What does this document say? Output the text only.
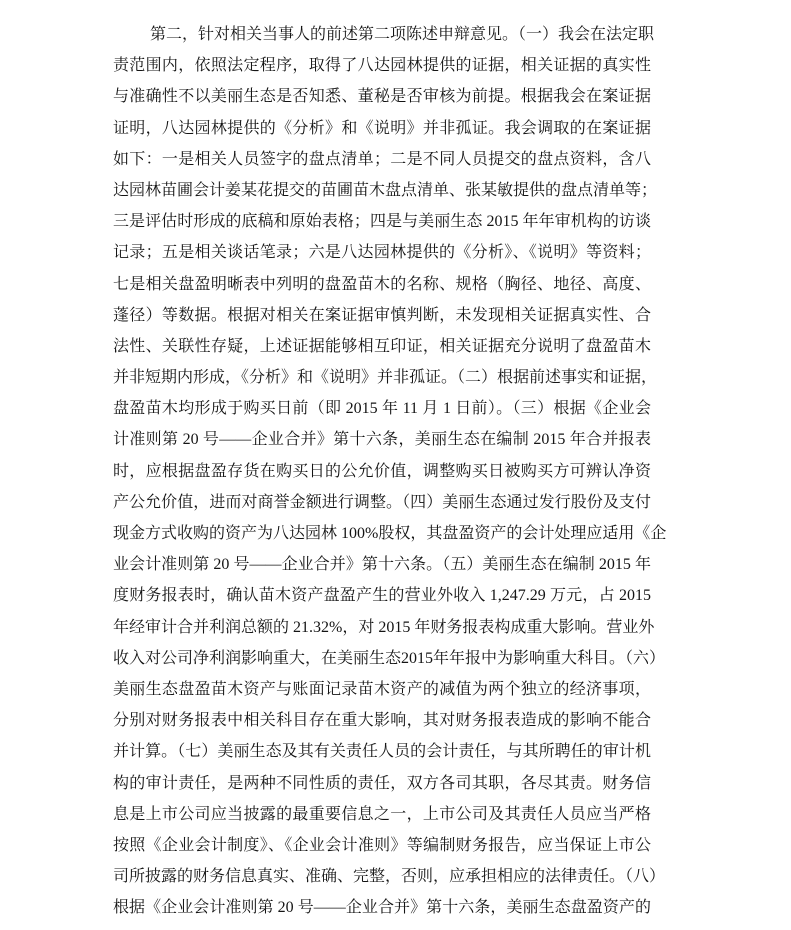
第二，针对相关当事人的前述第二项陈述申辩意见。（一）我会在法定职
责范围内，依照法定程序，取得了八达园林提供的证据，相关证据的真实性
与准确性不以美丽生态是否知悉、董秘是否审核为前提。根据我会在案证据
证明，八达园林提供的《分析》和《说明》并非孤证。我会调取的在案证据
如下：一是相关人员签字的盘点清单；二是不同人员提交的盘点资料，含八
达园林苗圃会计姜某花提交的苗圃苗木盘点清单、张某敏提供的盘点清单等；
三是评估时形成的底稿和原始表格；四是与美丽生态 2015 年年审机构的访谈
记录；五是相关谈话笔录；六是八达园林提供的《分析》、《说明》等资料；
七是相关盘盈明晰表中列明的盘盈苗木的名称、规格（胸径、地径、高度、
蓬径）等数据。根据对相关在案证据审慎判断，未发现相关证据真实性、合
法性、关联性存疑，上述证据能够相互印证，相关证据充分说明了盘盈苗木
并非短期内形成，《分析》和《说明》并非孤证。（二）根据前述事实和证据，
盘盈苗木均形成于购买日前（即 2015 年 11 月 1 日前）。（三）根据《企业会
计准则第 20 号——企业合并》第十六条，美丽生态在编制 2015 年合并报表
时，应根据盘盈存货在购买日的公允价值，调整购买日被购买方可辨认净资
产公允价值，进而对商誉金额进行调整。（四）美丽生态通过发行股份及支付
现金方式收购的资产为八达园林 100%股权，其盘盈资产的会计处理应适用《企
业会计准则第 20 号——企业合并》第十六条。（五）美丽生态在编制 2015 年
度财务报表时，确认苗木资产盘盈产生的营业外收入 1,247.29 万元，占 2015
年经审计合并利润总额的 21.32%，对 2015 年财务报表构成重大影响。营业外
收入对公司净利润影响重大，在美丽生态2015年年报中为影响重大科目。（六）
美丽生态盘盈苗木资产与账面记录苗木资产的减值为两个独立的经济事项，
分别对财务报表中相关科目存在重大影响，其对财务报表造成的影响不能合
并计算。（七）美丽生态及其有关责任人员的会计责任，与其所聘任的审计机
构的审计责任，是两种不同性质的责任，双方各司其职，各尽其责。财务信
息是上市公司应当披露的最重要信息之一，上市公司及其责任人员应当严格
按照《企业会计制度》、《企业会计准则》等编制财务报告，应当保证上市公
司所披露的财务信息真实、准确、完整，否则，应承担相应的法律责任。（八）
根据《企业会计准则第 20 号——企业合并》第十六条，美丽生态盘盈资产的
